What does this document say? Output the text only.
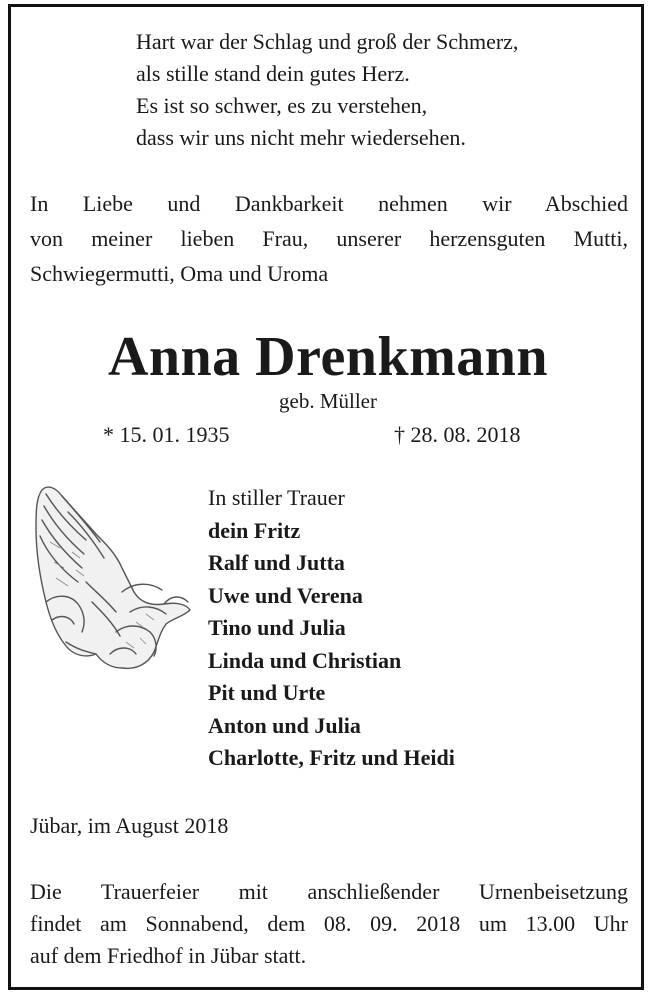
Hart war der Schlag und groß der Schmerz,
als stille stand dein gutes Herz.
Es ist so schwer, es zu verstehen,
dass wir uns nicht mehr wiedersehen.
In Liebe und Dankbarkeit nehmen wir Abschied
von meiner lieben Frau, unserer herzensguten Mutti,
Schwiegermutti, Oma und Uroma
Anna Drenkmann
geb. Müller
* 15. 01. 1935	† 28. 08. 2018
In stiller Trauer
dein Fritz
Ralf und Jutta
Uwe und Verena
Tino und Julia
Linda und Christian
Pit und Urte
Anton und Julia
Charlotte, Fritz und Heidi
Jübar, im August 2018
Die Trauerfeier mit anschließender Urnenbeisetzung
findet am Sonnabend, dem 08. 09. 2018 um 13.00 Uhr
auf dem Friedhof in Jübar statt.
